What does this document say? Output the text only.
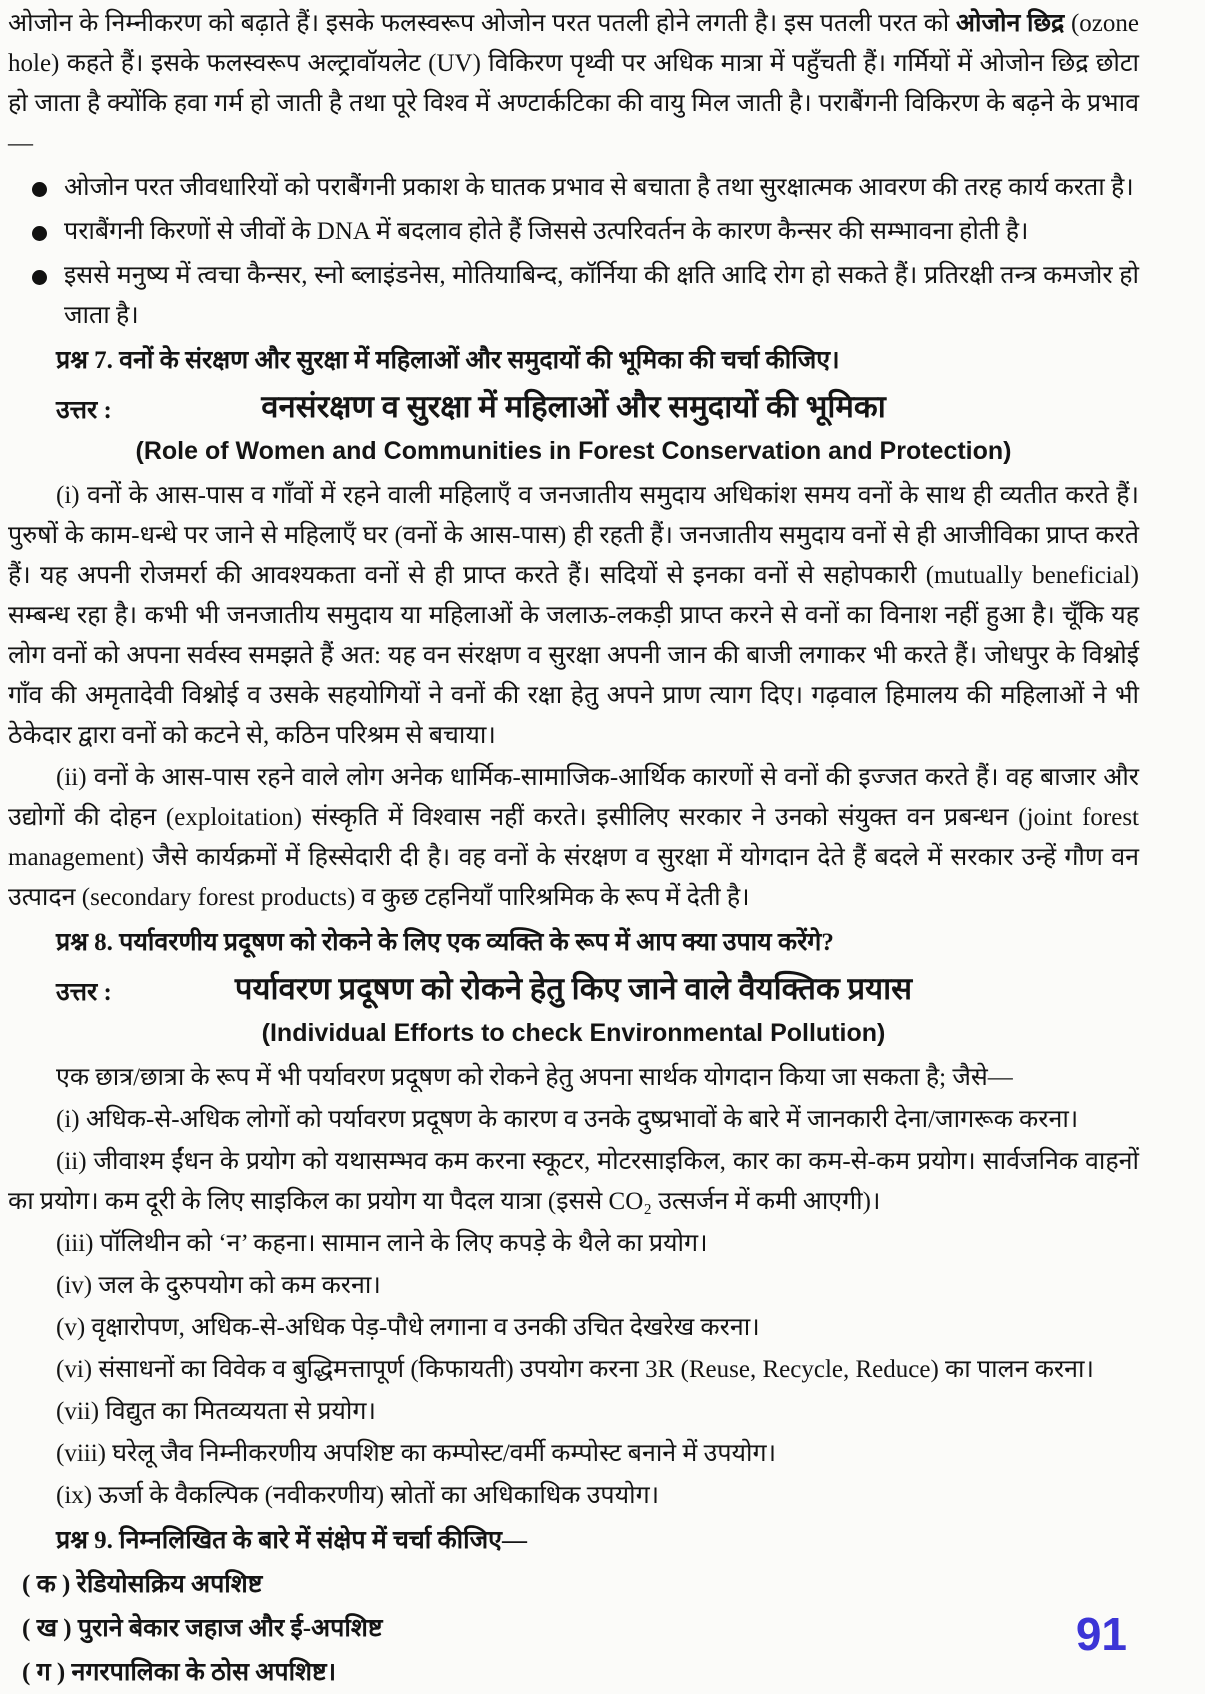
ओजोन के निम्नीकरण को बढ़ाते हैं। इसके फलस्वरूप ओजोन परत पतली होने लगती है। इस पतली परत को ओजोन छिद्र (ozone hole) कहते हैं। इसके फलस्वरूप अल्ट्रावॉयलेट (UV) विकिरण पृथ्वी पर अधिक मात्रा में पहुँचती हैं। गर्मियों में ओजोन छिद्र छोटा हो जाता है क्योंकि हवा गर्म हो जाती है तथा पूरे विश्व में अण्टार्कटिका की वायु मिल जाती है। पराबैंगनी विकिरण के बढ़ने के प्रभाव—

ओजोन परत जीवधारियों को पराबैंगनी प्रकाश के घातक प्रभाव से बचाता है तथा सुरक्षात्मक आवरण की तरह कार्य करता है।
पराबैंगनी किरणों से जीवों के DNA में बदलाव होते हैं जिससे उत्परिवर्तन के कारण कैन्सर की सम्भावना होती है।
इससे मनुष्य में त्वचा कैन्सर, स्नो ब्लाइंडनेस, मोतियाबिन्द, कॉर्निया की क्षति आदि रोग हो सकते हैं। प्रतिरक्षी तन्त्र कमजोर हो जाता है।

प्रश्न 7. वनों के संरक्षण और सुरक्षा में महिलाओं और समुदायों की भूमिका की चर्चा कीजिए।

उत्तर :	वनसंरक्षण व सुरक्षा में महिलाओं और समुदायों की भूमिका

(Role of Women and Communities in Forest Conservation and Protection)

(i) वनों के आस-पास व गाँवों में रहने वाली महिलाएँ व जनजातीय समुदाय अधिकांश समय वनों के साथ ही व्यतीत करते हैं। पुरुषों के काम-धन्धे पर जाने से महिलाएँ घर (वनों के आस-पास) ही रहती हैं। जनजातीय समुदाय वनों से ही आजीविका प्राप्त करते हैं। यह अपनी रोजमर्रा की आवश्यकता वनों से ही प्राप्त करते हैं। सदियों से इनका वनों से सहोपकारी (mutually beneficial) सम्बन्ध रहा है। कभी भी जनजातीय समुदाय या महिलाओं के जलाऊ-लकड़ी प्राप्त करने से वनों का विनाश नहीं हुआ है। चूँकि यह लोग वनों को अपना सर्वस्व समझते हैं अत: यह वन संरक्षण व सुरक्षा अपनी जान की बाजी लगाकर भी करते हैं। जोधपुर के विश्नोई गाँव की अमृतादेवी विश्नोई व उसके सहयोगियों ने वनों की रक्षा हेतु अपने प्राण त्याग दिए। गढ़वाल हिमालय की महिलाओं ने भी ठेकेदार द्वारा वनों को कटने से, कठिन परिश्रम से बचाया।

(ii) वनों के आस-पास रहने वाले लोग अनेक धार्मिक-सामाजिक-आर्थिक कारणों से वनों की इज्जत करते हैं। वह बाजार और उद्योगों की दोहन (exploitation) संस्कृति में विश्वास नहीं करते। इसीलिए सरकार ने उनको संयुक्त वन प्रबन्धन (joint forest management) जैसे कार्यक्रमों में हिस्सेदारी दी है। वह वनों के संरक्षण व सुरक्षा में योगदान देते हैं बदले में सरकार उन्हें गौण वन उत्पादन (secondary forest products) व कुछ टहनियाँ पारिश्रमिक के रूप में देती है।

प्रश्न 8. पर्यावरणीय प्रदूषण को रोकने के लिए एक व्यक्ति के रूप में आप क्या उपाय करेंगे?

उत्तर :	पर्यावरण प्रदूषण को रोकने हेतु किए जाने वाले वैयक्तिक प्रयास

(Individual Efforts to check Environmental Pollution)

एक छात्र/छात्रा के रूप में भी पर्यावरण प्रदूषण को रोकने हेतु अपना सार्थक योगदान किया जा सकता है; जैसे—

(i) अधिक-से-अधिक लोगों को पर्यावरण प्रदूषण के कारण व उनके दुष्प्रभावों के बारे में जानकारी देना/जागरूक करना।
(ii) जीवाश्म ईंधन के प्रयोग को यथासम्भव कम करना स्कूटर, मोटरसाइकिल, कार का कम-से-कम प्रयोग। सार्वजनिक वाहनों का प्रयोग। कम दूरी के लिए साइकिल का प्रयोग या पैदल यात्रा (इससे CO₂ उत्सर्जन में कमी आएगी)।
(iii) पॉलिथीन को ‘न’ कहना। सामान लाने के लिए कपड़े के थैले का प्रयोग।
(iv) जल के दुरुपयोग को कम करना।
(v) वृक्षारोपण, अधिक-से-अधिक पेड़-पौधे लगाना व उनकी उचित देखरेख करना।
(vi) संसाधनों का विवेक व बुद्धिमत्तापूर्ण (किफायती) उपयोग करना 3R (Reuse, Recycle, Reduce) का पालन करना।
(vii) विद्युत का मितव्ययता से प्रयोग।
(viii) घरेलू जैव निम्नीकरणीय अपशिष्ट का कम्पोस्ट/वर्मी कम्पोस्ट बनाने में उपयोग।
(ix) ऊर्जा के वैकल्पिक (नवीकरणीय) स्रोतों का अधिकाधिक उपयोग।

प्रश्न 9. निम्नलिखित के बारे में संक्षेप में चर्चा कीजिए—

( क ) रेडियोसक्रिय अपशिष्ट

( ख ) पुराने बेकार जहाज और ई-अपशिष्ट

( ग ) नगरपालिका के ठोस अपशिष्ट।

91
